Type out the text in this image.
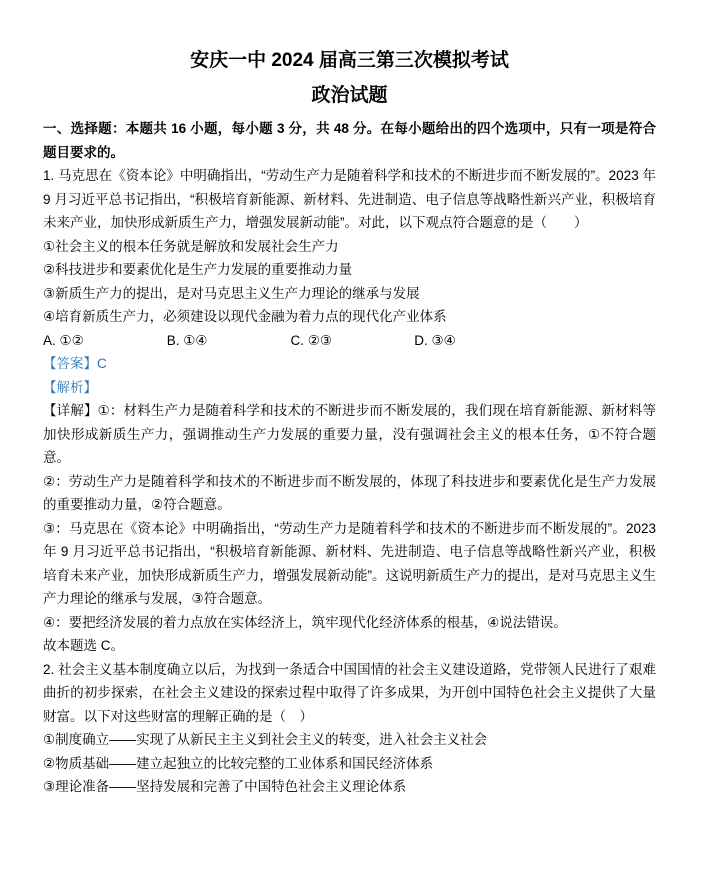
安庆一中 2024 届高三第三次模拟考试
政治试题
一、选择题：本题共 16 小题，每小题 3 分，共 48 分。在每小题给出的四个选项中，只有一项是符合题目要求的。
1. 马克思在《资本论》中明确指出，“劳动生产力是随着科学和技术的不断进步而不断发展的”。2023 年 9 月习近平总书记指出，“积极培育新能源、新材料、先进制造、电子信息等战略性新兴产业，积极培育未来产业，加快形成新质生产力，增强发展新动能”。对此，以下观点符合题意的是（　　）
①社会主义的根本任务就是解放和发展社会生产力
②科技进步和要素优化是生产力发展的重要推动力量
③新质生产力的提出，是对马克思主义生产力理论的继承与发展
④培育新质生产力，必须建设以现代金融为着力点的现代化产业体系
A. ①②	B. ①④	C. ②③	D. ③④
【答案】C
【解析】
【详解】①：材料生产力是随着科学和技术的不断进步而不断发展的，我们现在培育新能源、新材料等加快形成新质生产力，强调推动生产力发展的重要力量，没有强调社会主义的根本任务，①不符合题意。
②：劳动生产力是随着科学和技术的不断进步而不断发展的，体现了科技进步和要素优化是生产力发展的重要推动力量，②符合题意。
③：马克思在《资本论》中明确指出，“劳动生产力是随着科学和技术的不断进步而不断发展的”。2023 年 9 月习近平总书记指出，“积极培育新能源、新材料、先进制造、电子信息等战略性新兴产业，积极培育未来产业，加快形成新质生产力，增强发展新动能”。这说明新质生产力的提出，是对马克思主义生产力理论的继承与发展，③符合题意。
④：要把经济发展的着力点放在实体经济上，筑牢现代化经济体系的根基，④说法错误。
故本题选 C。
2. 社会主义基本制度确立以后，为找到一条适合中国国情的社会主义建设道路，党带领人民进行了艰难曲折的初步探索，在社会主义建设的探索过程中取得了许多成果，为开创中国特色社会主义提供了大量财富。以下对这些财富的理解正确的是（　）
①制度确立——实现了从新民主主义到社会主义的转变，进入社会主义社会
②物质基础——建立起独立的比较完整的工业体系和国民经济体系
③理论准备——坚持发展和完善了中国特色社会主义理论体系
